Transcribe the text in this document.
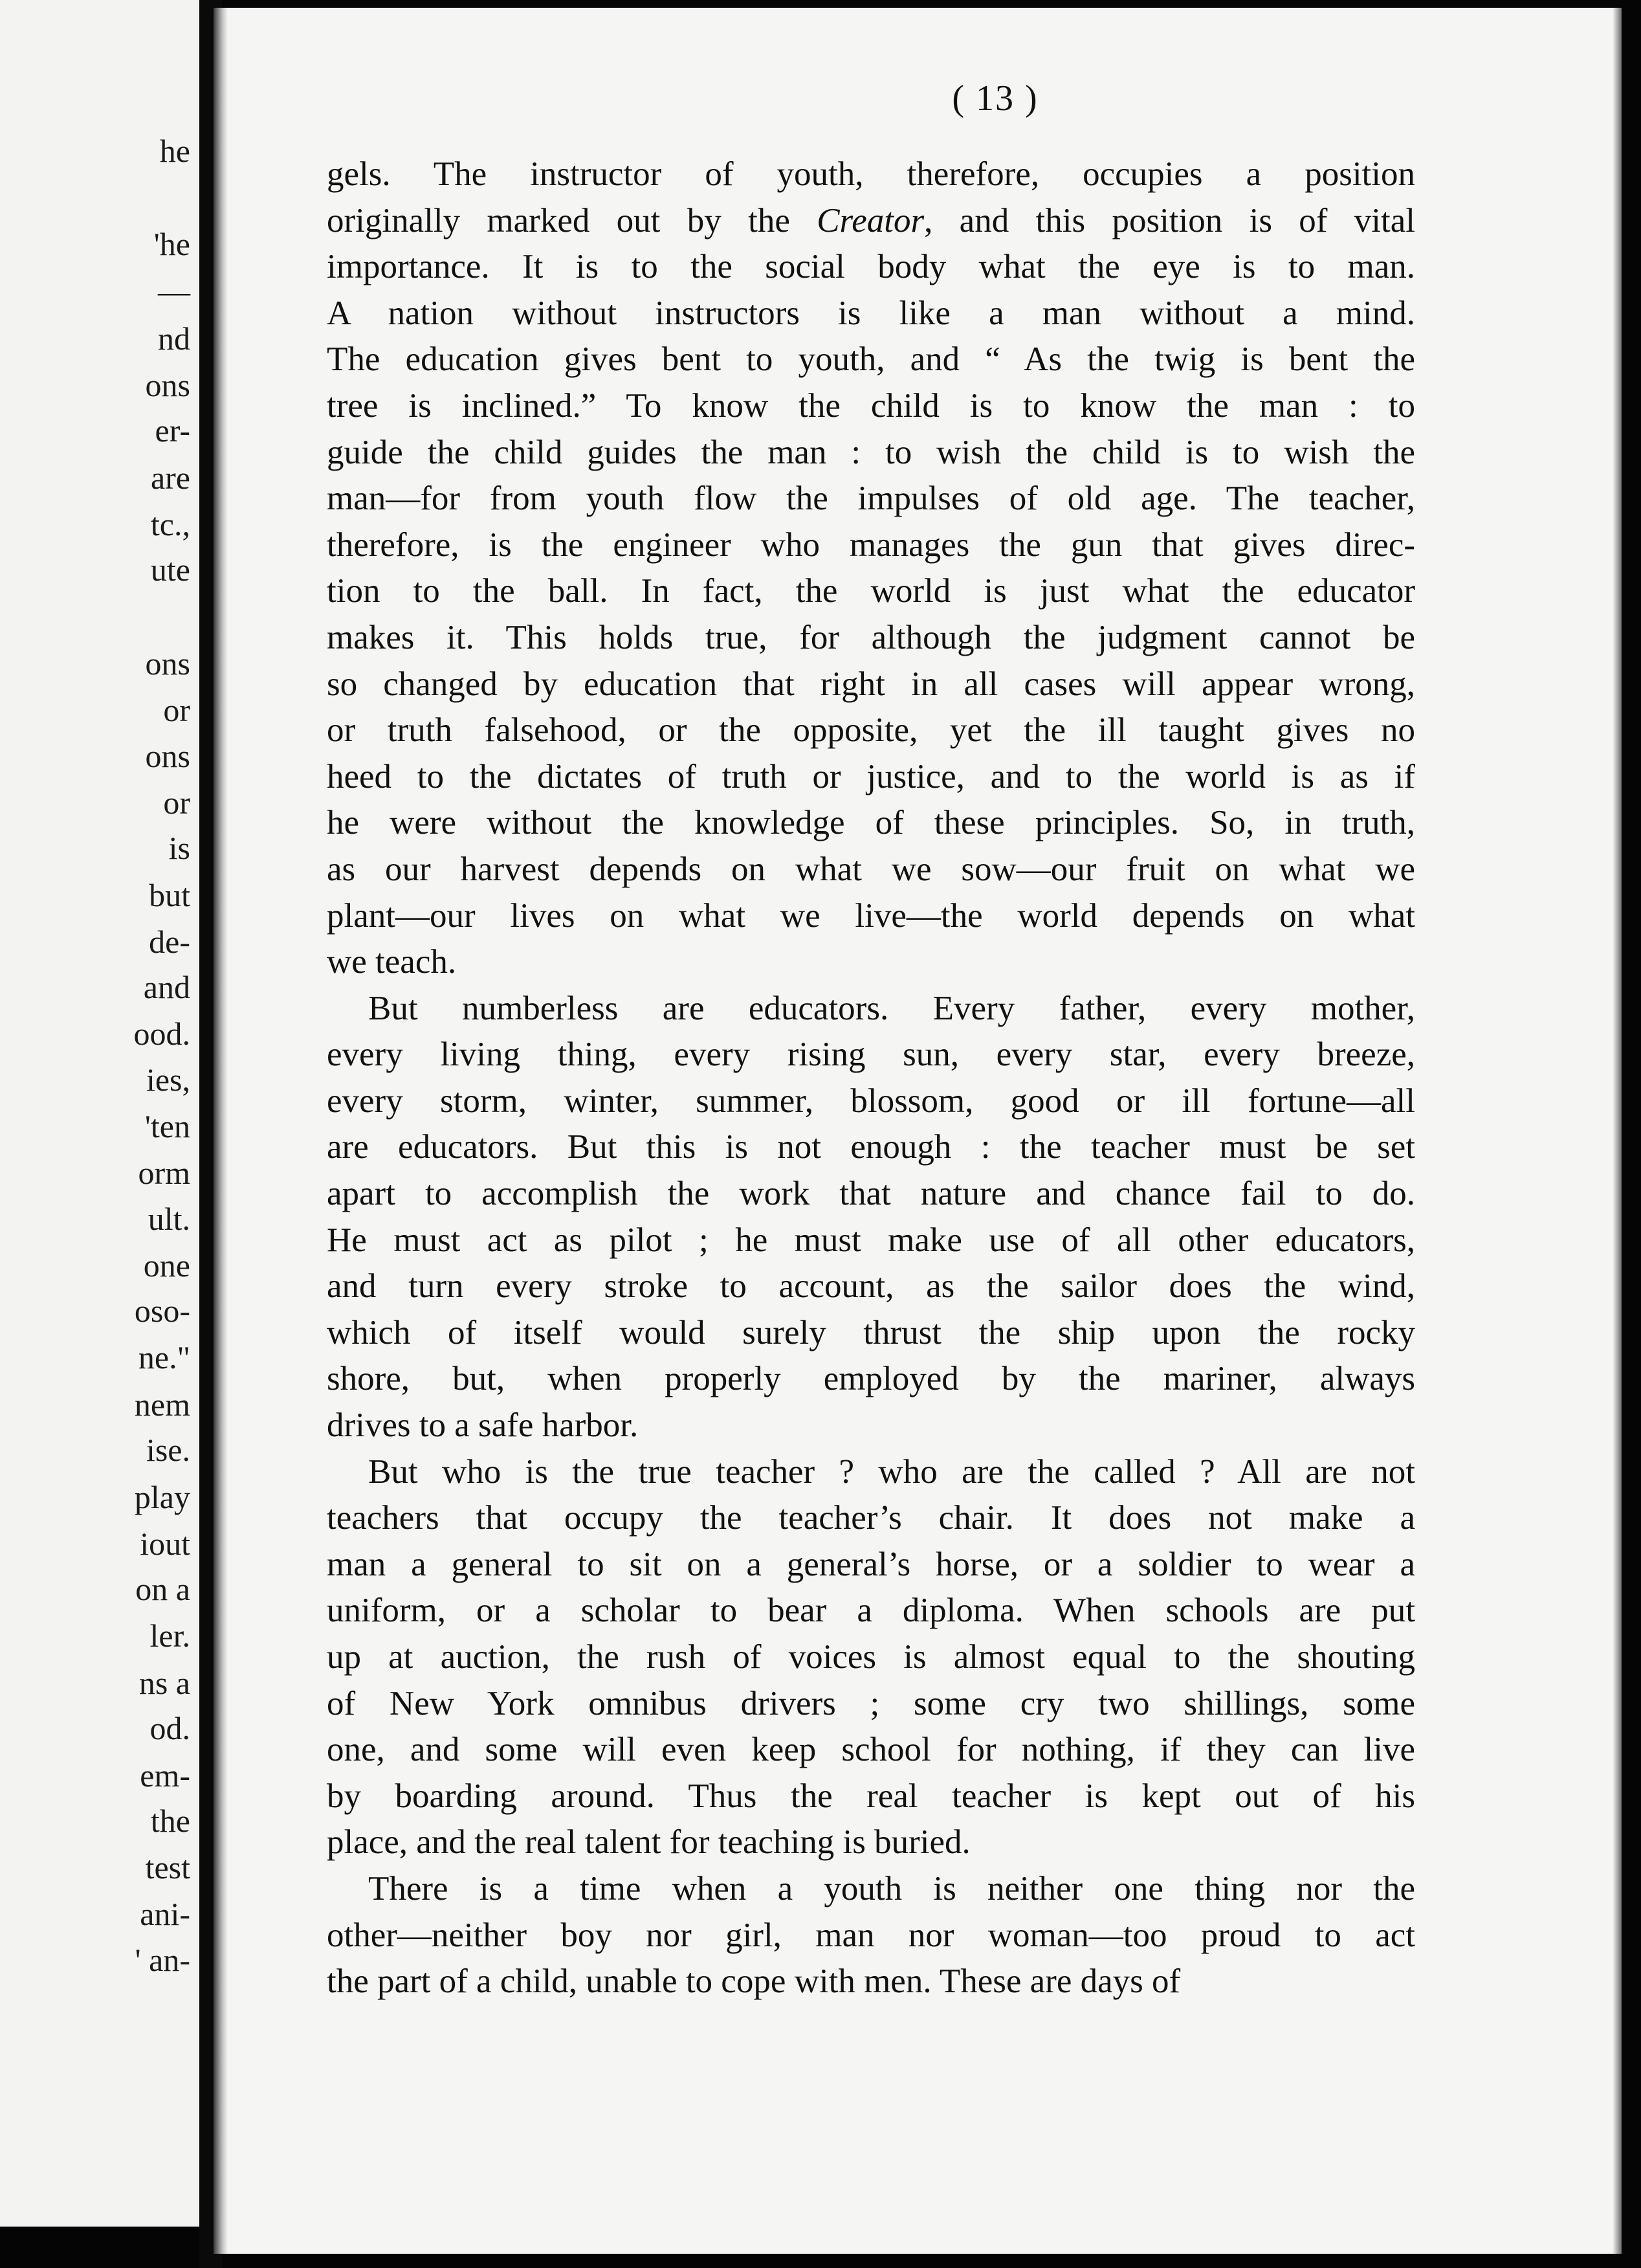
he
'he
—
nd
ons
er-
are
tc.,
ute
ons
or
ons
or
is
but
de-
and
ood.
ies,
'ten
orm
ult.
one
oso-
ne."
nem
ise.
play
iout
on a
ler.
ns a
od.
em-
the
test
ani-
' an-
( 13 )
gels. The instructor of youth, therefore, occupies a position
originally marked out by the Creator, and this position is of vital
importance. It is to the social body what the eye is to man.
A nation without instructors is like a man without a mind.
The education gives bent to youth, and “ As the twig is bent the
tree is inclined.” To know the child is to know the man : to
guide the child guides the man : to wish the child is to wish the
man—for from youth flow the impulses of old age. The teacher,
therefore, is the engineer who manages the gun that gives direc-
tion to the ball. In fact, the world is just what the educator
makes it. This holds true, for although the judgment cannot be
so changed by education that right in all cases will appear wrong,
or truth falsehood, or the opposite, yet the ill taught gives no
heed to the dictates of truth or justice, and to the world is as if
he were without the knowledge of these principles. So, in truth,
as our harvest depends on what we sow—our fruit on what we
plant—our lives on what we live—the world depends on what
we teach.
But numberless are educators. Every father, every mother,
every living thing, every rising sun, every star, every breeze,
every storm, winter, summer, blossom, good or ill fortune—all
are educators. But this is not enough : the teacher must be set
apart to accomplish the work that nature and chance fail to do.
He must act as pilot ; he must make use of all other educators,
and turn every stroke to account, as the sailor does the wind,
which of itself would surely thrust the ship upon the rocky
shore, but, when properly employed by the mariner, always
drives to a safe harbor.
But who is the true teacher ? who are the called ? All are not
teachers that occupy the teacher’s chair. It does not make a
man a general to sit on a general’s horse, or a soldier to wear a
uniform, or a scholar to bear a diploma. When schools are put
up at auction, the rush of voices is almost equal to the shouting
of New York omnibus drivers ; some cry two shillings, some
one, and some will even keep school for nothing, if they can live
by boarding around. Thus the real teacher is kept out of his
place, and the real talent for teaching is buried.
There is a time when a youth is neither one thing nor the
other—neither boy nor girl, man nor woman—too proud to act
the part of a child, unable to cope with men. These are days of
